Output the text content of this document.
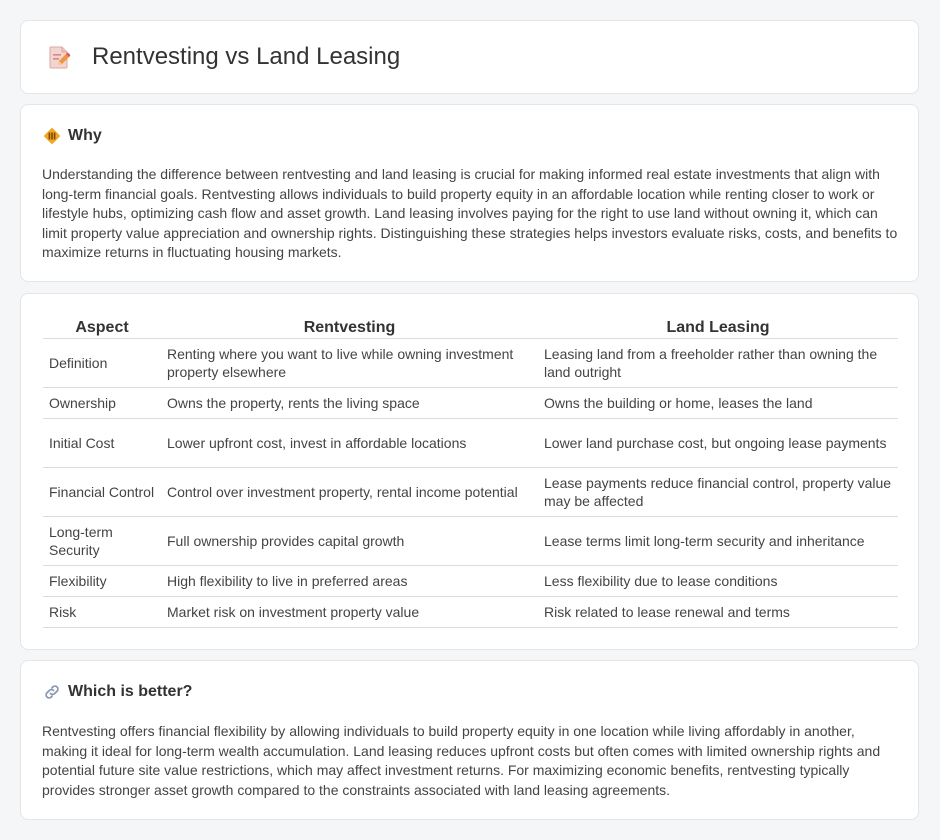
Rentvesting vs Land Leasing
Why

Understanding the difference between rentvesting and land leasing is crucial for making informed real estate investments that align with long-term financial goals. Rentvesting allows individuals to build property equity in an affordable location while renting closer to work or lifestyle hubs, optimizing cash flow and asset growth. Land leasing involves paying for the right to use land without owning it, which can limit property value appreciation and ownership rights. Distinguishing these strategies helps investors evaluate risks, costs, and benefits to maximize returns in fluctuating housing markets.

Aspect	Rentvesting	Land Leasing
Definition	Renting where you want to live while owning investment property elsewhere	Leasing land from a freeholder rather than owning the land outright
Ownership	Owns the property, rents the living space	Owns the building or home, leases the land
Initial Cost	Lower upfront cost, invest in affordable locations	Lower land purchase cost, but ongoing lease payments
Financial Control	Control over investment property, rental income potential	Lease payments reduce financial control, property value may be affected
Long-term Security	Full ownership provides capital growth	Lease terms limit long-term security and inheritance
Flexibility	High flexibility to live in preferred areas	Less flexibility due to lease conditions
Risk	Market risk on investment property value	Risk related to lease renewal and terms
Which is better?

Rentvesting offers financial flexibility by allowing individuals to build property equity in one location while living affordably in another, making it ideal for long-term wealth accumulation. Land leasing reduces upfront costs but often comes with limited ownership rights and potential future site value restrictions, which may affect investment returns. For maximizing economic benefits, rentvesting typically provides stronger asset growth compared to the constraints associated with land leasing agreements.
